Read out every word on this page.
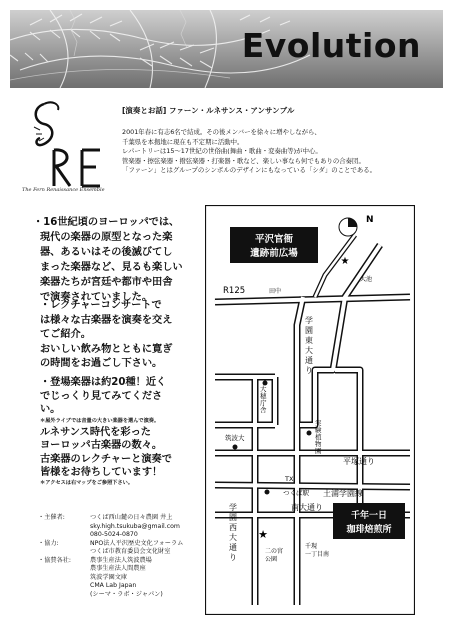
Evolution
The Fern Renaissance Ensemble
[演奏とお話] ファーン・ルネサンス・アンサンブル
2001年春に有志6名で結成。その後メンバーを徐々に増やしながら、
千葉県を本拠地に現在も不定期に活動中。
レパートリーは15〜17世紀の世俗曲(舞曲・歌曲・変奏曲等)が中心。
管楽器・擦弦楽器・撥弦楽器・打楽器・歌など、楽しい事なら何でもありの合奏団。
「ファーン」とはグループのシンボルのデザインにもなっている「シダ」のことである。
・16世紀頃のヨーロッパでは、
現代の楽器の原型となった楽
器、あるいはその後滅びてし
まった楽器など、見るも楽しい
楽器たちが宮廷や都市や田舎
で演奏されていました。
・レクチャーコンサートで
は様々な古楽器を演奏を交え
てご紹介。
おいしい飲み物とともに寛ぎ
の時間をお過ごし下さい。
・登場楽器は約20種！近く
でじっくり見てみてくださ
い。
＊屋外ライブでは音量の大きい楽器を選んで演奏。
ルネサンス時代を彩った
ヨーロッパ古楽器の数々。
古楽器のレクチャーと演奏で
皆様をお待ちしています！
＊アクセスは右マップをご参照下さい。
・主催者:	つくば西山麓の日々農園 井上
sky.high.tsukuba@gmail.com
080-5024-0870
・協力:	NPO法人平沢歴史文化フォーラム
つくば市教育委員会文化財室
・協賛各社:	農事生産法人筑波農場
農事生産法人間農座
筑波学園文庫
CMA Lab Japan
(シーマ・ラボ・ジャパン)
N
平沢官衙
遺跡前広場
★
大池
R125	田中
学
園
東
大
通
り
大
穂
庁
舎
実
験
植
物
園
筑波大
平塚通り
TX
つくば駅 土浦学園線
南大通り
千年一日
珈琲焙煎所
★
学
園
西
大
通
り
二の宮
公園
千現
一丁目南
